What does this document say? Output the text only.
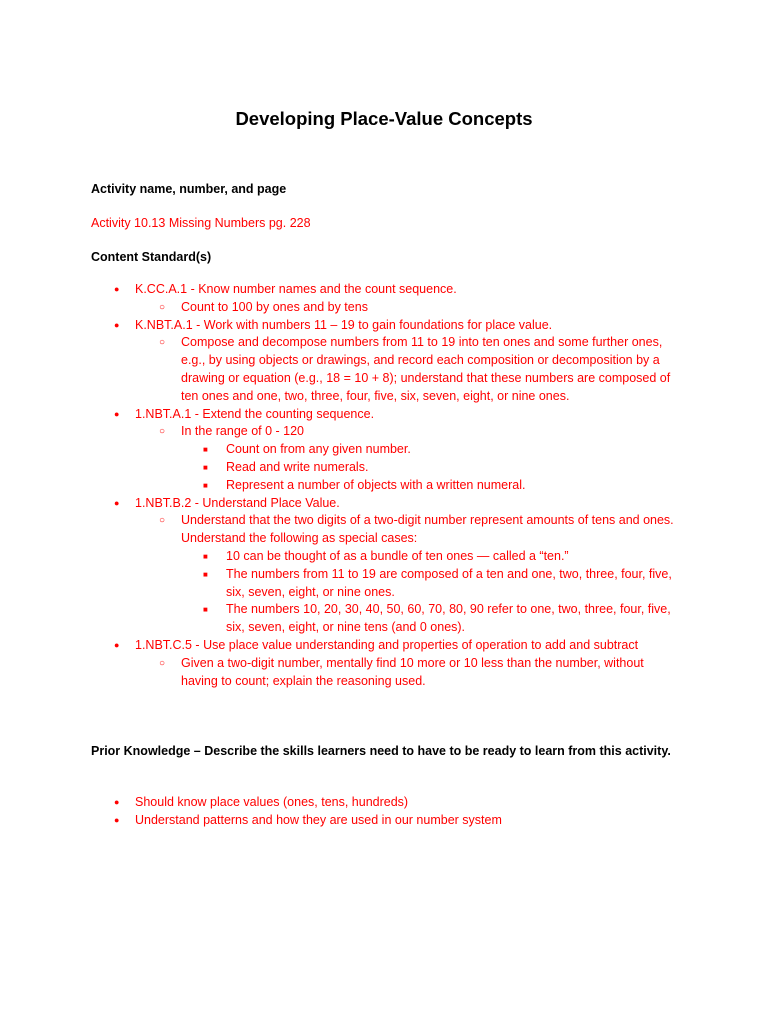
Developing Place-Value Concepts
Activity name, number, and page
Activity 10.13 Missing Numbers pg. 228
Content Standard(s)
● K.CC.A.1 - Know number names and the count sequence.
○ Count to 100 by ones and by tens
● K.NBT.A.1 - Work with numbers 11 – 19 to gain foundations for place value.
○ Compose and decompose numbers from 11 to 19 into ten ones and some further ones, e.g., by using objects or drawings, and record each composition or decomposition by a drawing or equation (e.g., 18 = 10 + 8); understand that these numbers are composed of ten ones and one, two, three, four, five, six, seven, eight, or nine ones.
● 1.NBT.A.1 - Extend the counting sequence.
○ In the range of 0 - 120
■ Count on from any given number.
■ Read and write numerals.
■ Represent a number of objects with a written numeral.
● 1.NBT.B.2 - Understand Place Value.
○ Understand that the two digits of a two-digit number represent amounts of tens and ones. Understand the following as special cases:
■ 10 can be thought of as a bundle of ten ones — called a “ten.”
■ The numbers from 11 to 19 are composed of a ten and one, two, three, four, five, six, seven, eight, or nine ones.
■ The numbers 10, 20, 30, 40, 50, 60, 70, 80, 90 refer to one, two, three, four, five, six, seven, eight, or nine tens (and 0 ones).
● 1.NBT.C.5 - Use place value understanding and properties of operation to add and subtract
○ Given a two-digit number, mentally find 10 more or 10 less than the number, without having to count; explain the reasoning used.
Prior Knowledge – Describe the skills learners need to have to be ready to learn from this activity.
● Should know place values (ones, tens, hundreds)
● Understand patterns and how they are used in our number system
